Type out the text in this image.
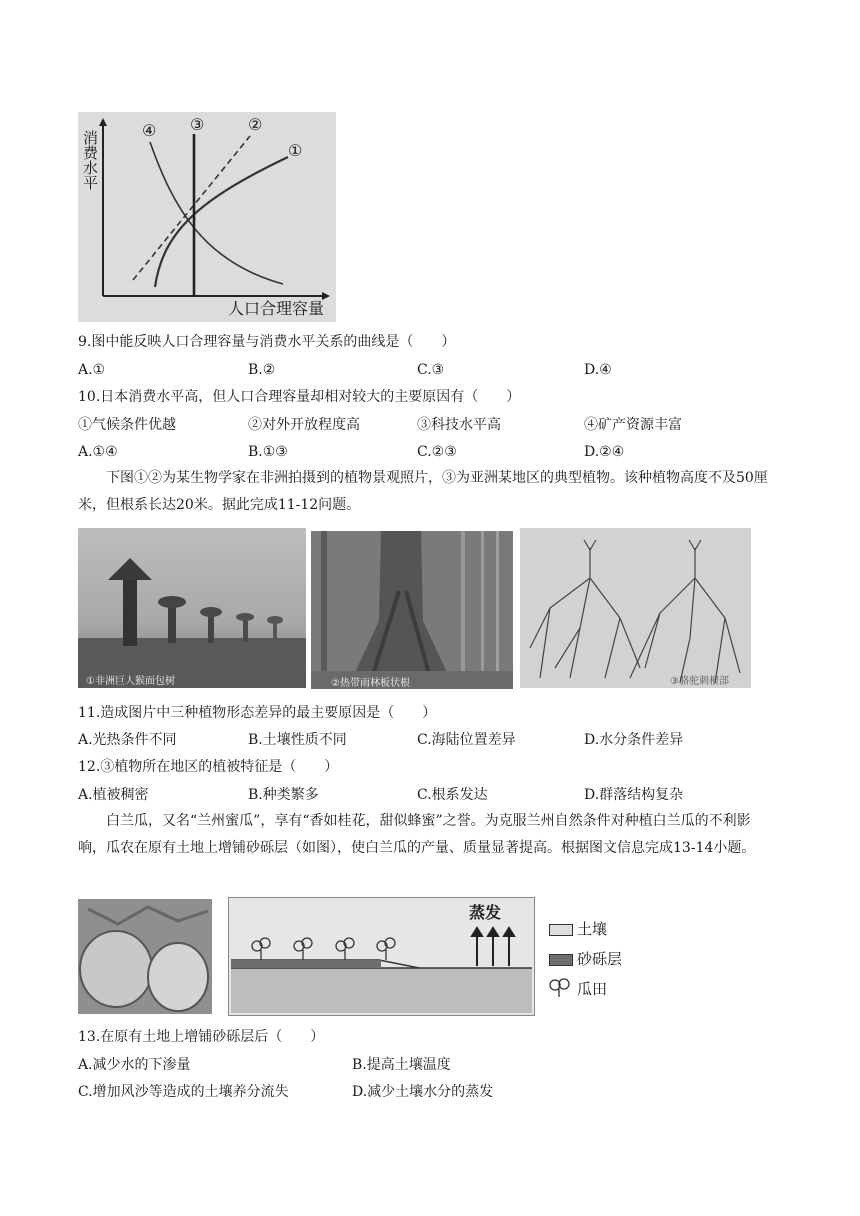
④ ③	②
①
消费水平
人口合理容量
9.图中能反映人口合理容量与消费水平关系的曲线是（　　）
A.①	B.②	C.③	D.④
10.日本消费水平高，但人口合理容量却相对较大的主要原因有（　　）
①气候条件优越	②对外开放程度高	③科技水平高	④矿产资源丰富
A.①④	B.①③	C.②③	D.②④
下图①②为某生物学家在非洲拍摄到的植物景观照片，③为亚洲某地区的典型植物。该种植物高度不及50厘米，但根系长达20米。据此完成11-12问题。
①非洲巨人猴面包树	②热带雨林板状根	③骆驼刺根部
11.造成图片中三种植物形态差异的最主要原因是（　　）
A.光热条件不同	B.土壤性质不同	C.海陆位置差异	D.水分条件差异
12.③植物所在地区的植被特征是（　　）
A.植被稠密	B.种类繁多	C.根系发达	D.群落结构复杂
白兰瓜，又名“兰州蜜瓜”，享有“香如桂花，甜似蜂蜜”之誉。为克服兰州自然条件对种植白兰瓜的不利影响，瓜农在原有土地上增铺砂砾层（如图），使白兰瓜的产量、质量显著提高。根据图文信息完成13-14小题。
蒸发
土壤
砂砾层
瓜田
13.在原有土地上增铺砂砾层后（　　）
A.减少水的下渗量	B.提高土壤温度
C.增加风沙等造成的土壤养分流失	D.减少土壤水分的蒸发
